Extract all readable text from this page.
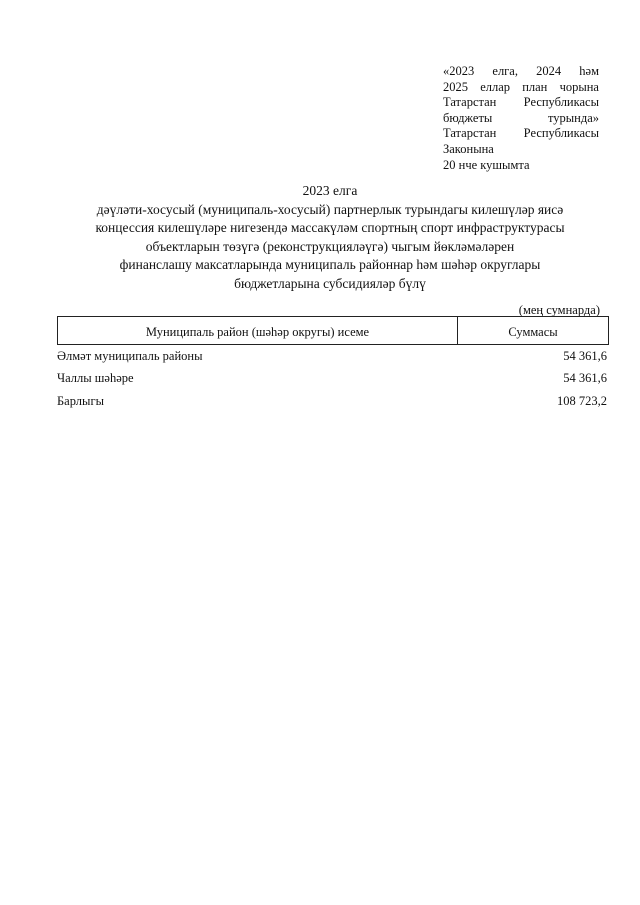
«2023 елга, 2024 һәм
2025 еллар план чорына
Татарстан Республикасы
бюджеты	турында»
Татарстан Республикасы
Законына
20 нче кушымта
2023 елга
дәүләти-хосусый (муниципаль-хосусый) партнерлык турындагы килешүләр яисә
концессия килешүләре нигезендә массакүләм спортның спорт инфраструктурасы
объектларын төзүгә (реконструкцияләүгә) чыгым йөкләмәләрен
финанслашу максатларында муниципаль районнар һәм шәһәр округлары
бюджетларына субсидияләр бүлү
(мең сумнарда)
Муниципаль район (шәһәр округы) исеме	Суммасы
Әлмәт муниципаль районы	54 361,6
Чаллы шәһәре	54 361,6
Барлыгы	108 723,2
